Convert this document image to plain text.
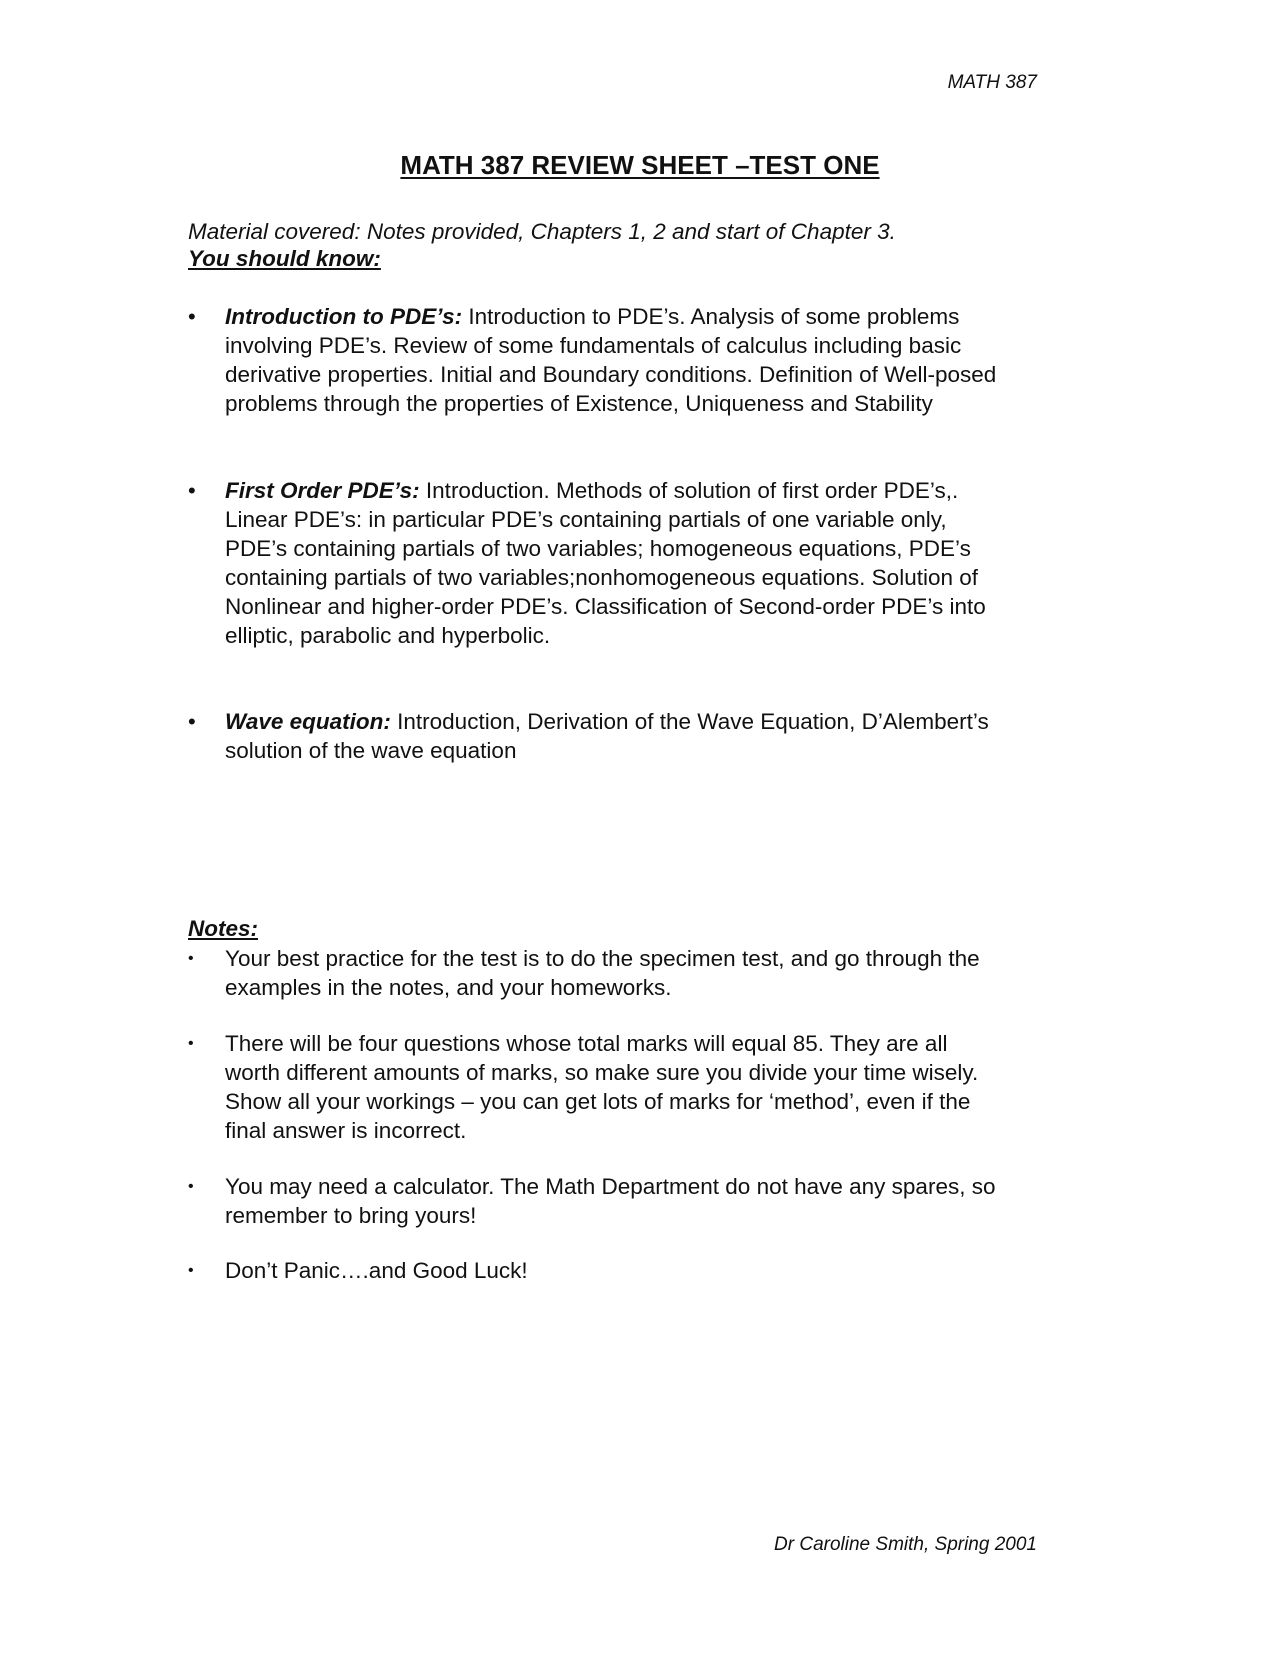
MATH 387
MATH 387 REVIEW SHEET –TEST ONE
Material covered: Notes provided, Chapters 1, 2 and start of Chapter 3.
You should know:
•	Introduction to PDE’s: Introduction to PDE’s. Analysis of some problems
involving PDE’s. Review of some fundamentals of calculus including basic
derivative properties. Initial and Boundary conditions. Definition of Well-posed
problems through the properties of Existence, Uniqueness and Stability
•	First Order PDE’s: Introduction. Methods of solution of first order PDE’s,.
Linear PDE’s: in particular PDE’s containing partials of one variable only,
PDE’s containing partials of two variables; homogeneous equations, PDE’s
containing partials of two variables;nonhomogeneous equations. Solution of
Nonlinear and higher-order PDE’s. Classification of Second-order PDE’s into
elliptic, parabolic and hyperbolic.
•	Wave equation: Introduction, Derivation of the Wave Equation, D’Alembert’s
solution of the wave equation
Notes:
• Your best practice for the test is to do the specimen test, and go through the
examples in the notes, and your homeworks.
• There will be four questions whose total marks will equal 85. They are all
worth different amounts of marks, so make sure you divide your time wisely.
Show all your workings – you can get lots of marks for ‘method’, even if the
final answer is incorrect.
• You may need a calculator. The Math Department do not have any spares, so
remember to bring yours!
• Don’t Panic….and Good Luck!
Dr Caroline Smith, Spring 2001
